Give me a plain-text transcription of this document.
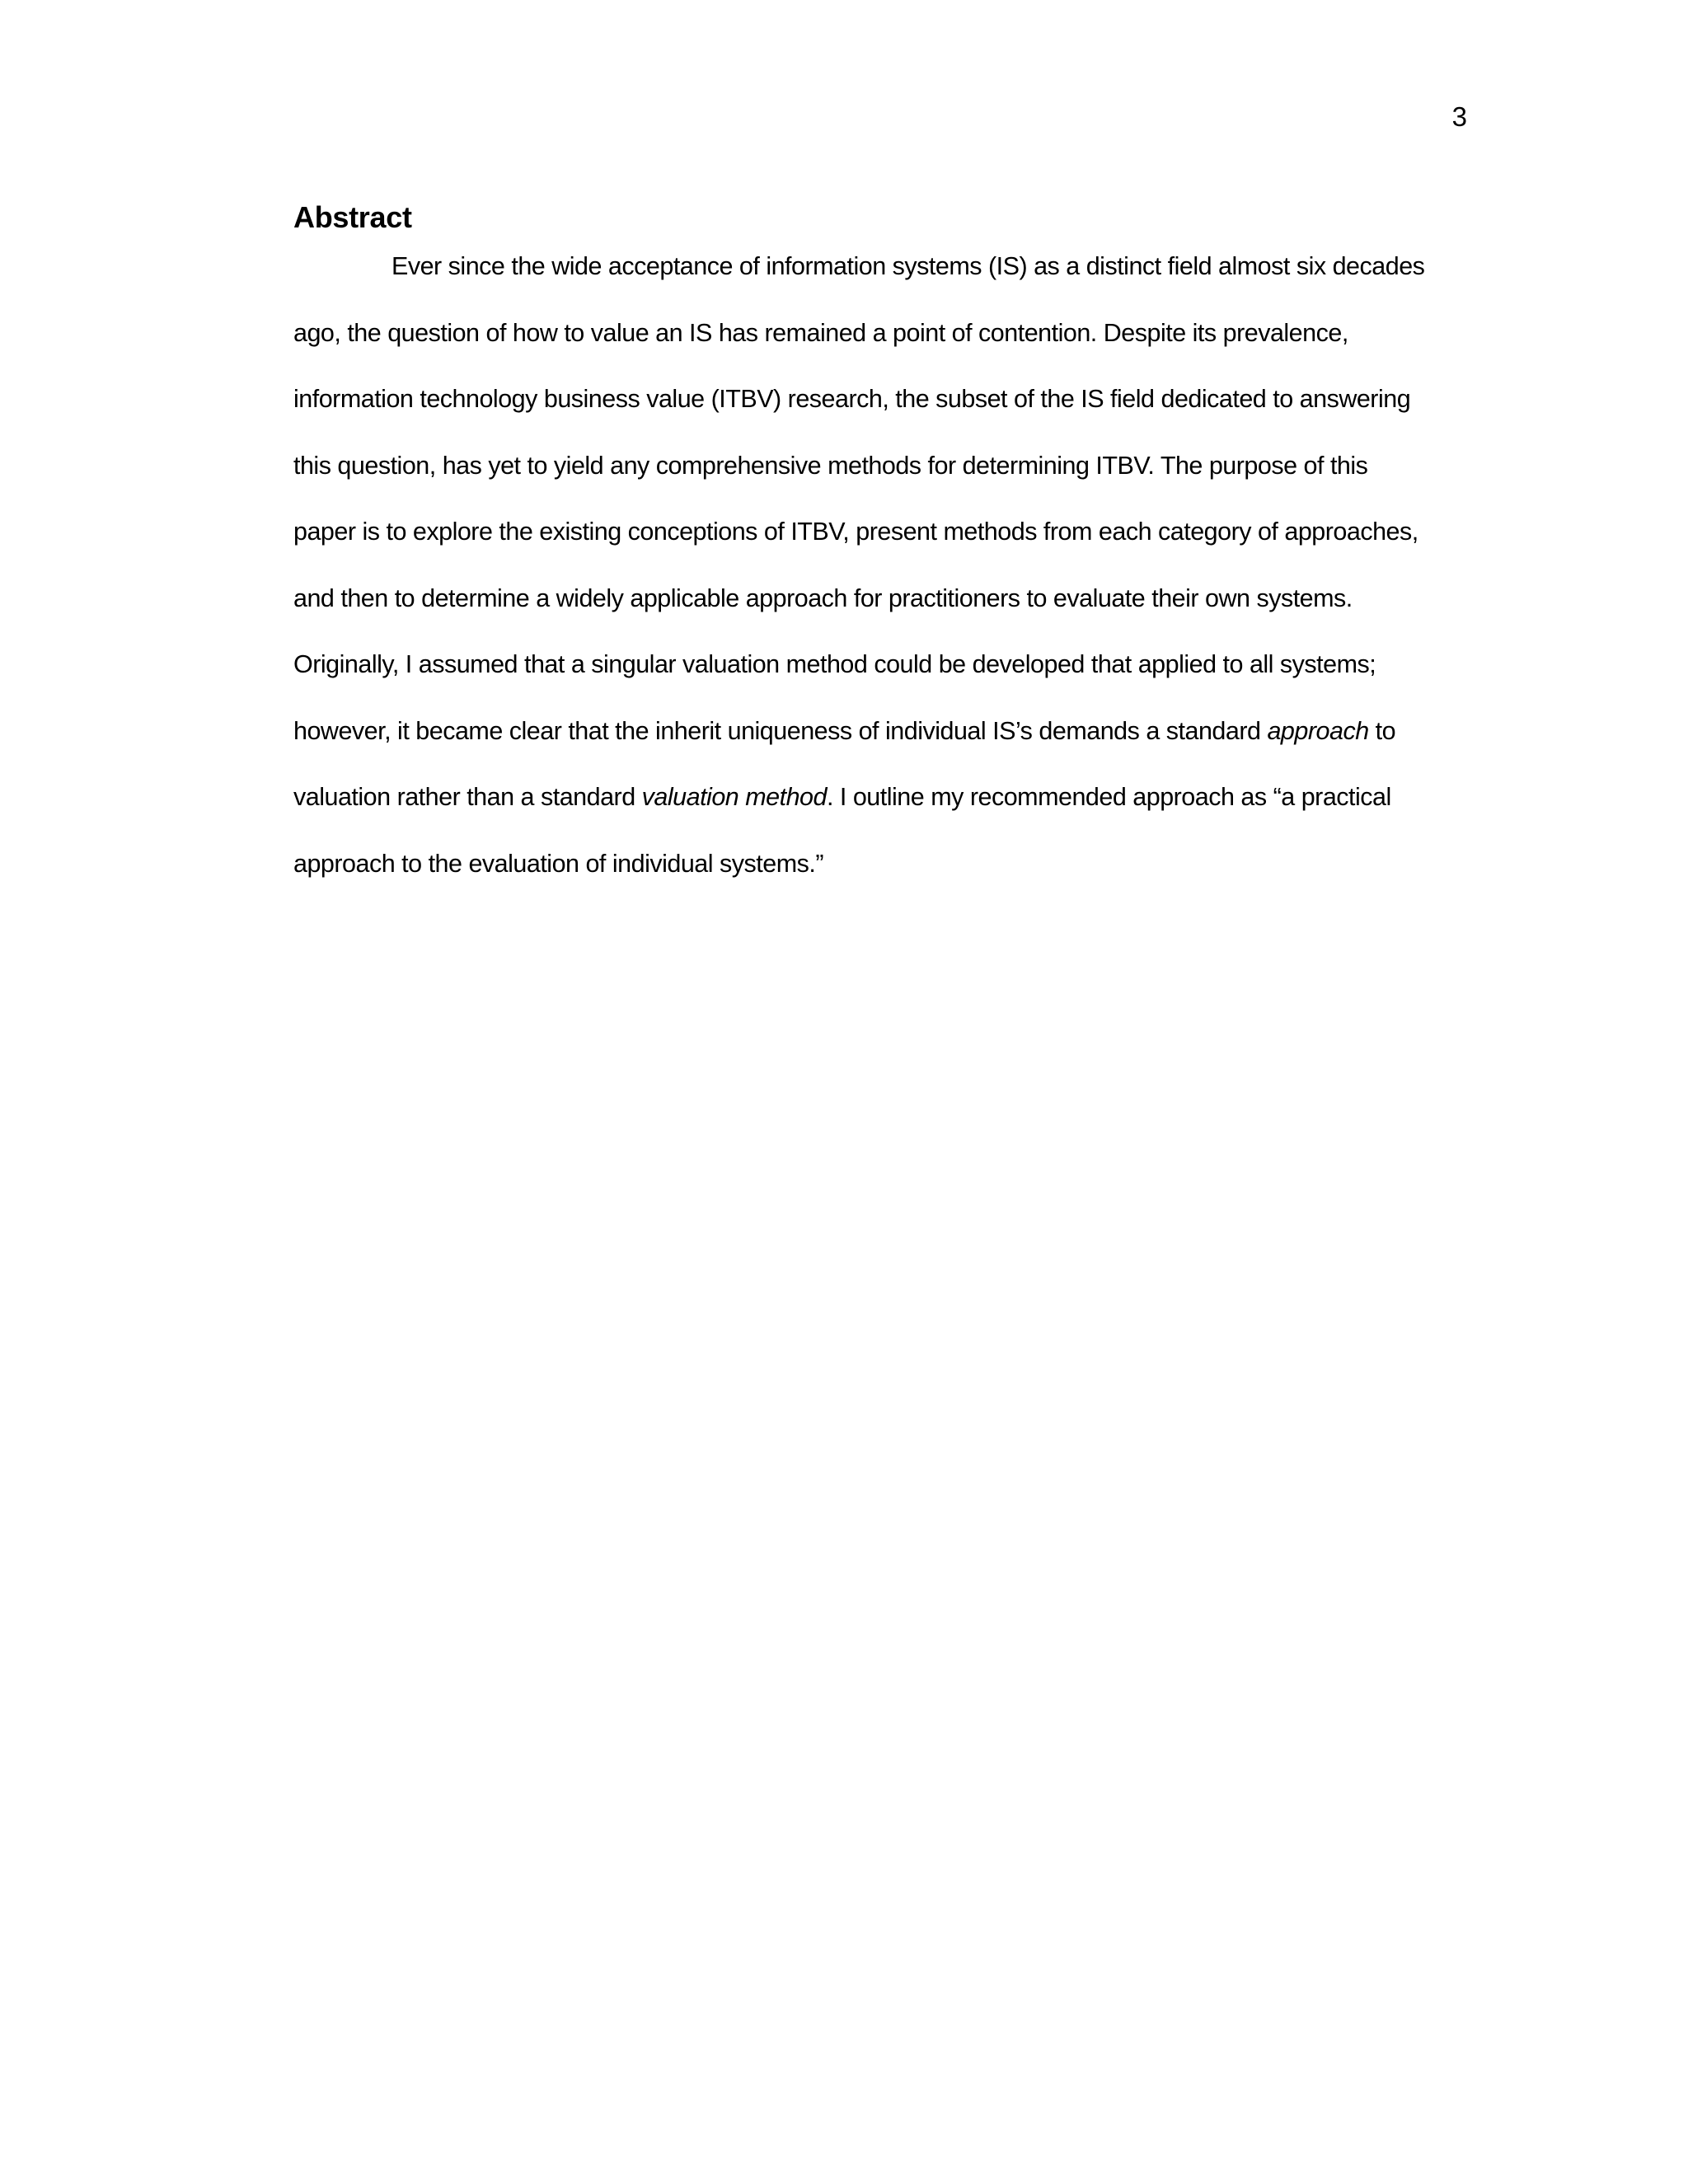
3
Abstract
Ever since the wide acceptance of information systems (IS) as a distinct field almost six decades
ago, the question of how to value an IS has remained a point of contention. Despite its prevalence,
information technology business value (ITBV) research, the subset of the IS field dedicated to answering
this question, has yet to yield any comprehensive methods for determining ITBV. The purpose of this
paper is to explore the existing conceptions of ITBV, present methods from each category of approaches,
and then to determine a widely applicable approach for practitioners to evaluate their own systems.
Originally, I assumed that a singular valuation method could be developed that applied to all systems;
however, it became clear that the inherit uniqueness of individual IS’s demands a standard approach to
valuation rather than a standard valuation method. I outline my recommended approach as “a practical
approach to the evaluation of individual systems.”
